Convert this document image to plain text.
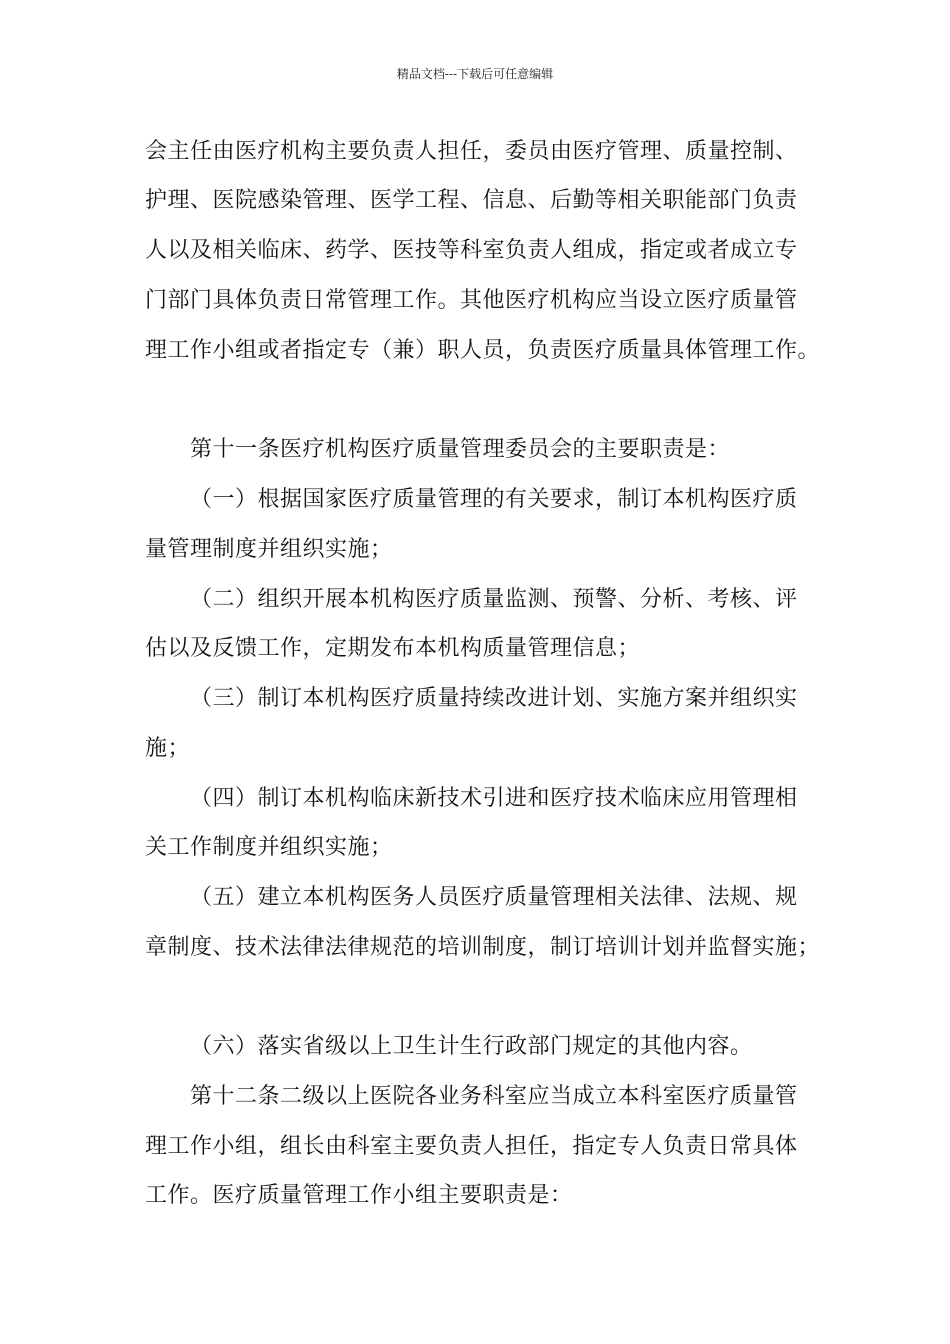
精品文档---下载后可任意编辑
会主任由医疗机构主要负责人担任，委员由医疗管理、质量控制、
护理、医院感染管理、医学工程、信息、后勤等相关职能部门负责
人以及相关临床、药学、医技等科室负责人组成，指定或者成立专
门部门具体负责日常管理工作。其他医疗机构应当设立医疗质量管
理工作小组或者指定专（兼）职人员，负责医疗质量具体管理工作。
第十一条医疗机构医疗质量管理委员会的主要职责是：
（一）根据国家医疗质量管理的有关要求，制订本机构医疗质
量管理制度并组织实施；
（二）组织开展本机构医疗质量监测、预警、分析、考核、评
估以及反馈工作，定期发布本机构质量管理信息；
（三）制订本机构医疗质量持续改进计划、实施方案并组织实
施；
（四）制订本机构临床新技术引进和医疗技术临床应用管理相
关工作制度并组织实施；
（五）建立本机构医务人员医疗质量管理相关法律、法规、规
章制度、技术法律法律规范的培训制度，制订培训计划并监督实施；
（六）落实省级以上卫生计生行政部门规定的其他内容。
第十二条二级以上医院各业务科室应当成立本科室医疗质量管
理工作小组，组长由科室主要负责人担任，指定专人负责日常具体
工作。医疗质量管理工作小组主要职责是：
